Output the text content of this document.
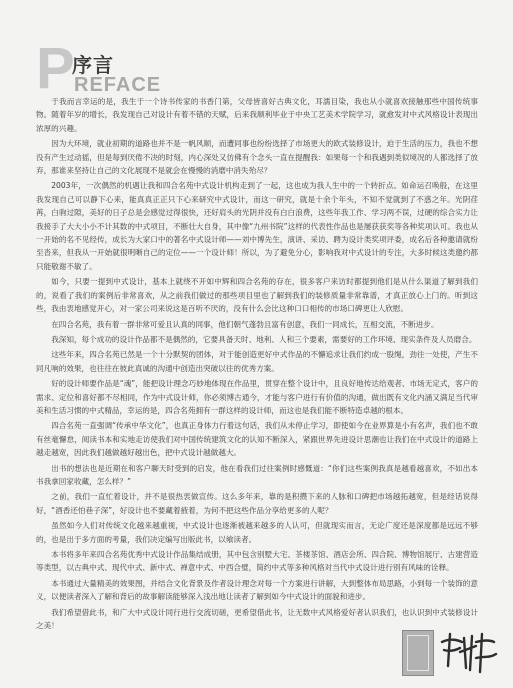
P
序言
REFACE

于我而言幸运的是，我生于一个诗书传家的书香门第，父母皆喜好古典文化，耳濡目染，我也从小就喜欢接触那些中国传统事物。随着年岁的增长，我发现自己对设计有着不错的天赋，后来我顺利毕业于中央工艺美术学院学习，就愈发对中式风格设计表现出浓厚的兴趣。

因为大环境，就业初期的道路也并不是一帆风顺，而遭同事也纷纷选择了市场更大的欧式装修设计，迫于生活的压力，我也不想没有产生过动摇，但是每到厌倦不决的时刻，内心深处又仿佛有个念头一直在提醒我：如果每一个和我遇到类似境况的人都选择了放弃，那谁来坚持让自己的文化展现不是就会在慢慢的消磨中消失殆尽？

2003年，一次偶然的机遇让我和四合名苑中式设计机构走到了一起，这也成为我人生中的一个转折点。如命运召唤般，在这里我发现自己可以静下心来，能真真正正只下心来研究中式设计，而这一研究，就是十余个年头，不知不觉就到了不惑之年。光阴荏苒，白驹过隙，美好的日子总是会感觉过得很快，还好肩头的光阴并没有白白浪费，这些年我工作、学习两不误，过硬的综合实力让我接手了大大小小不计其数的中式项目，不断壮大自身，其中像“九州书院”这样的代表性作品也是屡获获奖等各种奖项认可。我也从一开始的名不见经传，成长为大家口中的著名中式设计师——刘中博先生，演讲、采访、聘为设计类奖项评委，成名后各种邀请就纷至沓来，但我从一开始就很明晰自己的定位——一个设计师！所以，为了避免分心，影响我对中式设计的专注，大多时候这类邀约都只能敬谢不敏了。

如今，只要一提到中式设计，基本上就绕不开如中辉和四合名苑的存在，很多客户来访时都提到他们是从什么渠道了解到我们的，说看了我们的案例后非常喜欢，从之前我们做过的那些项目里也了解到我们的装修质量非常靠谱，才真正放心上门的。听到这些，我由衷地感觉开心，对一家公司来说这是百听不厌的，没有什么会比这种口口相传的市场口碑更让人欣慰。

在四合名苑，我有着一群非常可爱且认真的同事，他们朝气蓬勃且富有创意，我们一同成长，互相交流，不断进步。

我深知，每个成功的设计作品都不是偶然的，它要具备天时、地利、人和三个要素，需要好的工作环境、现实条件及人员磨合。

这些年来，四合名苑已然是一个十分默契的团体，对于能创造更好中式作品的不懈追求让我们约成一股绳，劲往一处使，产生不同凡响的效果，也往往在彼此真诚的沟通中创造出突破以往的优秀方案。

好的设计师要作品是“魂”，能把设计理念巧妙地体现在作品里，贯穿在整个设计中，且良好地传达给观者、市场无定式，客户的需求、定位和喜好都不尽相同，作为中式设计师，你必须博古通今，才能与客户进行有价值的沟通，做出既有文化内涵又满足当代审美和生活习惯的中式精品，幸运的是，四合名苑拥有一群这样的设计师，而这也是我们能不断特造卓越的根本。

四合名苑一直强调“传承中华文化”，也真正身体力行着这句话，我们从未停止学习，即使如今在业界算是小有名声，我们也不敢有丝毫懈怠，阅读书本和实地走访使我们对中国传统建筑文化的认知不断深入，紧跟世界先进设计思潮也让我们在中式设计的道路上越走越宽，因此我们越做越好越出色，把中式设计越做越大。

出书的想法也是近期在和客户聊天时受到的启发，他在看我们过往案例时感慨道：“你们这些案例我真是越看越喜欢，不如出本书我拿回家收藏，怎么样？”

之前，我们一直忙着设计，并不是很热衷做宣传。这么多年来，靠的是积攒下来的人脉和口碑把市场越拓越宽，但是经话说得好，“酒香还怕巷子深”，好设计也不要藏着掖着，为何不把这些作品分享给更多的人呢？

虽然如今人们对传统文化越来越重视，中式设计也逐渐被越来越多的人认可，但就现实而言，无论广度还是深度都是远远不够的，也是出于多方面的考量，我们决定编写出版此书，以飨读者。

本书将多年来四合名苑优秀中式设计作品集结成册，其中包含别墅大宅、茶楼茶馆、酒店会所、四合院、博物馆展厅、古建营造等类型，以古典中式、现代中式、新中式、禅意中式、中西合璧，简约中式等多种风格对当代中式设计进行别有风味的诠释。

本书通过大量精美的效果图，并结合文化背景及作者设计理念对每一个方案进行讲解，大到整体布局思路，小到每一个装饰的意义，以便读者深入了解和背后的故事解读能够深入浅出地让读者了解到如今中式设计的面貌和进步。

我们希望借此书，和广大中式设计同行进行交流切磋，更希望借此书，让无数中式风格爱好者认识我们，也认识到中式装修设计之美！
